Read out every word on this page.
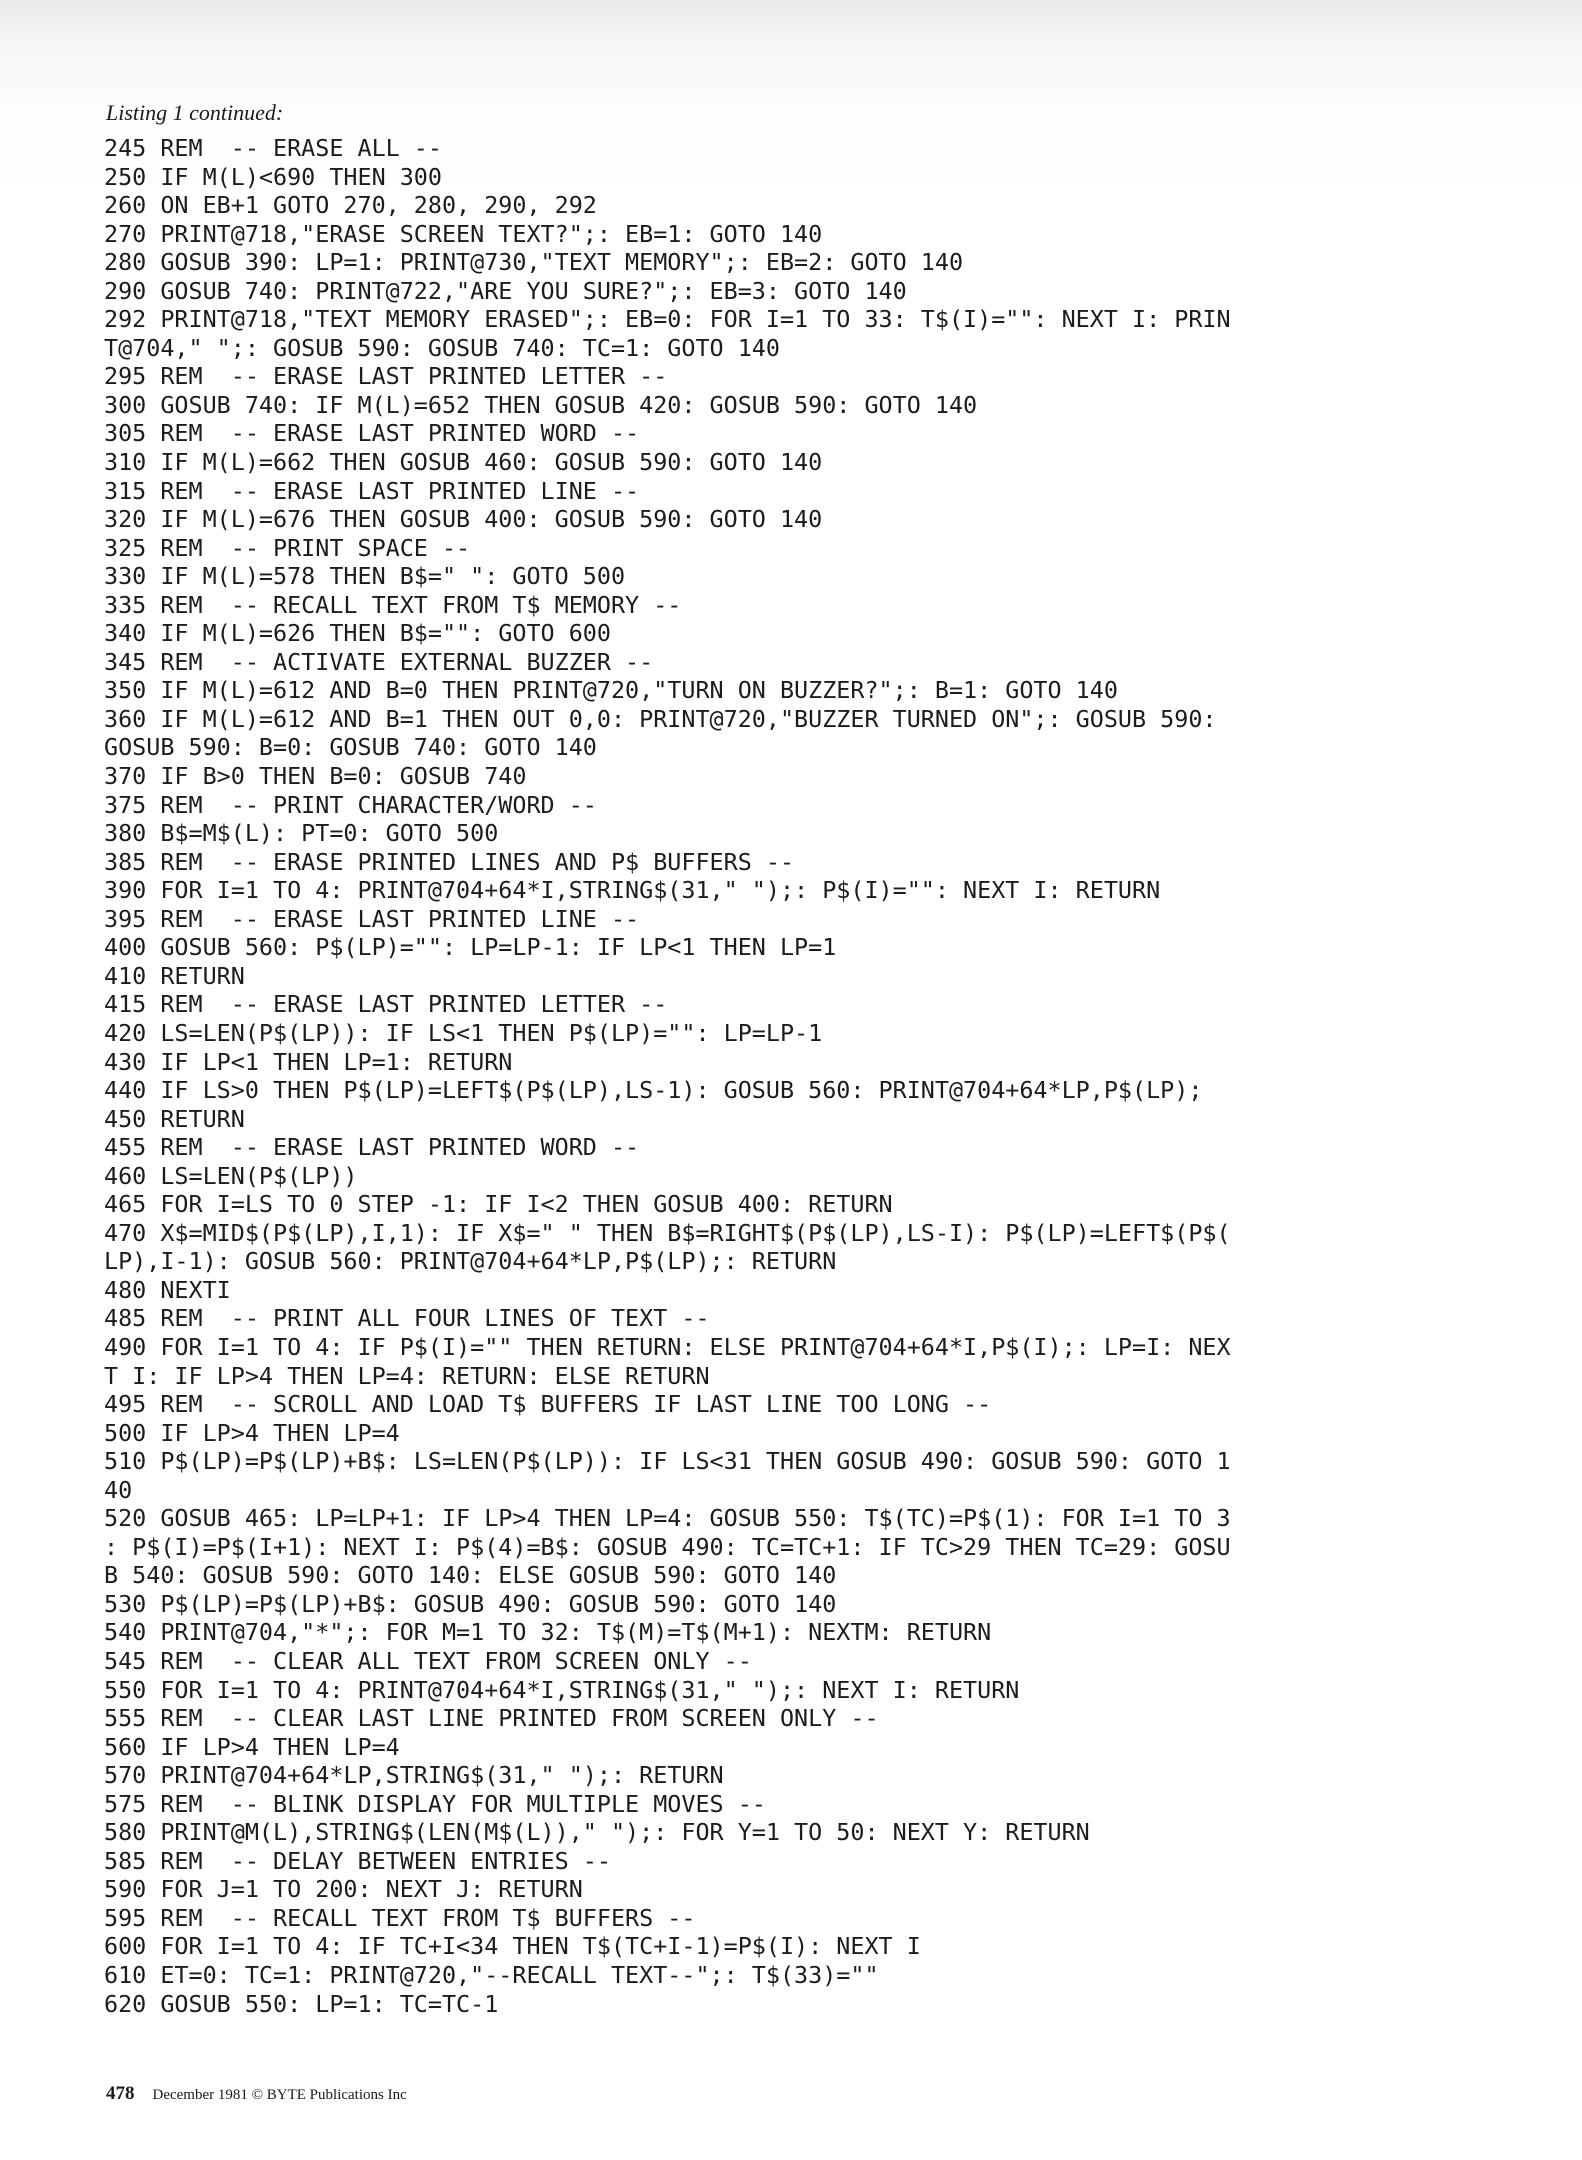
Listing 1 continued:

245 REM  -- ERASE ALL --
250 IF M(L)<690 THEN 300
260 ON EB+1 GOTO 270, 280, 290, 292
270 PRINT@718,"ERASE SCREEN TEXT?";: EB=1: GOTO 140
280 GOSUB 390: LP=1: PRINT@730,"TEXT MEMORY";: EB=2: GOTO 140
290 GOSUB 740: PRINT@722,"ARE YOU SURE?";: EB=3: GOTO 140
292 PRINT@718,"TEXT MEMORY ERASED";: EB=0: FOR I=1 TO 33: T$(I)="": NEXT I: PRIN
T@704," ";: GOSUB 590: GOSUB 740: TC=1: GOTO 140
295 REM  -- ERASE LAST PRINTED LETTER --
300 GOSUB 740: IF M(L)=652 THEN GOSUB 420: GOSUB 590: GOTO 140
305 REM  -- ERASE LAST PRINTED WORD --
310 IF M(L)=662 THEN GOSUB 460: GOSUB 590: GOTO 140
315 REM  -- ERASE LAST PRINTED LINE --
320 IF M(L)=676 THEN GOSUB 400: GOSUB 590: GOTO 140
325 REM  -- PRINT SPACE --
330 IF M(L)=578 THEN B$=" ": GOTO 500
335 REM  -- RECALL TEXT FROM T$ MEMORY --
340 IF M(L)=626 THEN B$="": GOTO 600
345 REM  -- ACTIVATE EXTERNAL BUZZER --
350 IF M(L)=612 AND B=0 THEN PRINT@720,"TURN ON BUZZER?";: B=1: GOTO 140
360 IF M(L)=612 AND B=1 THEN OUT 0,0: PRINT@720,"BUZZER TURNED ON";: GOSUB 590:
GOSUB 590: B=0: GOSUB 740: GOTO 140
370 IF B>0 THEN B=0: GOSUB 740
375 REM  -- PRINT CHARACTER/WORD --
380 B$=M$(L): PT=0: GOTO 500
385 REM  -- ERASE PRINTED LINES AND P$ BUFFERS --
390 FOR I=1 TO 4: PRINT@704+64*I,STRING$(31," ");: P$(I)="": NEXT I: RETURN
395 REM  -- ERASE LAST PRINTED LINE --
400 GOSUB 560: P$(LP)="": LP=LP-1: IF LP<1 THEN LP=1
410 RETURN
415 REM  -- ERASE LAST PRINTED LETTER --
420 LS=LEN(P$(LP)): IF LS<1 THEN P$(LP)="": LP=LP-1
430 IF LP<1 THEN LP=1: RETURN
440 IF LS>0 THEN P$(LP)=LEFT$(P$(LP),LS-1): GOSUB 560: PRINT@704+64*LP,P$(LP);
450 RETURN
455 REM  -- ERASE LAST PRINTED WORD --
460 LS=LEN(P$(LP))
465 FOR I=LS TO 0 STEP -1: IF I<2 THEN GOSUB 400: RETURN
470 X$=MID$(P$(LP),I,1): IF X$=" " THEN B$=RIGHT$(P$(LP),LS-I): P$(LP)=LEFT$(P$(
LP),I-1): GOSUB 560: PRINT@704+64*LP,P$(LP);: RETURN
480 NEXTI
485 REM  -- PRINT ALL FOUR LINES OF TEXT --
490 FOR I=1 TO 4: IF P$(I)="" THEN RETURN: ELSE PRINT@704+64*I,P$(I);: LP=I: NEX
T I: IF LP>4 THEN LP=4: RETURN: ELSE RETURN
495 REM  -- SCROLL AND LOAD T$ BUFFERS IF LAST LINE TOO LONG --
500 IF LP>4 THEN LP=4
510 P$(LP)=P$(LP)+B$: LS=LEN(P$(LP)): IF LS<31 THEN GOSUB 490: GOSUB 590: GOTO 1
40
520 GOSUB 465: LP=LP+1: IF LP>4 THEN LP=4: GOSUB 550: T$(TC)=P$(1): FOR I=1 TO 3
: P$(I)=P$(I+1): NEXT I: P$(4)=B$: GOSUB 490: TC=TC+1: IF TC>29 THEN TC=29: GOSU
B 540: GOSUB 590: GOTO 140: ELSE GOSUB 590: GOTO 140
530 P$(LP)=P$(LP)+B$: GOSUB 490: GOSUB 590: GOTO 140
540 PRINT@704,"*";: FOR M=1 TO 32: T$(M)=T$(M+1): NEXTM: RETURN
545 REM  -- CLEAR ALL TEXT FROM SCREEN ONLY --
550 FOR I=1 TO 4: PRINT@704+64*I,STRING$(31," ");: NEXT I: RETURN
555 REM  -- CLEAR LAST LINE PRINTED FROM SCREEN ONLY --
560 IF LP>4 THEN LP=4
570 PRINT@704+64*LP,STRING$(31," ");: RETURN
575 REM  -- BLINK DISPLAY FOR MULTIPLE MOVES --
580 PRINT@M(L),STRING$(LEN(M$(L))," ");: FOR Y=1 TO 50: NEXT Y: RETURN
585 REM  -- DELAY BETWEEN ENTRIES --
590 FOR J=1 TO 200: NEXT J: RETURN
595 REM  -- RECALL TEXT FROM T$ BUFFERS --
600 FOR I=1 TO 4: IF TC+I<34 THEN T$(TC+I-1)=P$(I): NEXT I
610 ET=0: TC=1: PRINT@720,"--RECALL TEXT--";: T$(33)=""
620 GOSUB 550: LP=1: TC=TC-1
478 December 1981 © BYTE Publications Inc
